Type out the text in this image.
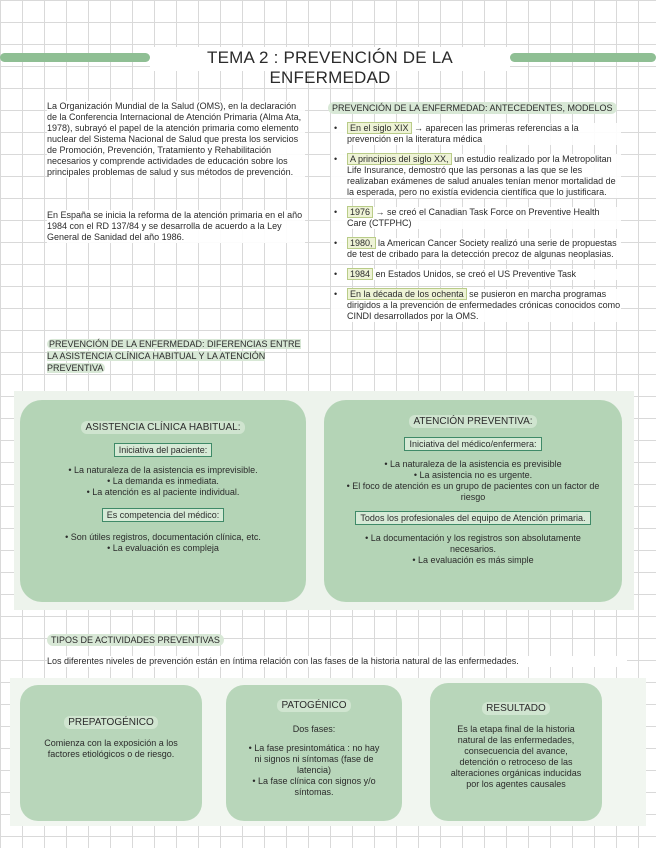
TEMA 2 : PREVENCIÓN DE LA ENFERMEDAD
La Organización Mundial de la Salud (OMS), en la declaración de la Conferencia Internacional de Atención Primaria (Alma Ata, 1978), subrayó el papel de la atención primaria como elemento nuclear del Sistema Nacional de Salud que presta los servicios de Promoción, Prevención, Tratamiento y Rehabilitación necesarios y comprende actividades de educación sobre los principales problemas de salud y sus métodos de prevención.
En España se inicia la reforma de la atención primaria en el año 1984 con el RD 137/84 y se desarrolla de acuerdo a la Ley General de Sanidad del año 1986.
PREVENCIÓN DE LA ENFERMEDAD: ANTECEDENTES, MODELOS
• En el siglo XIX → aparecen las primeras referencias a la prevención en la literatura médica
• A principios del siglo XX, un estudio realizado por la Metropolitan Life Insurance, demostró que las personas a las que se les realizaban exámenes de salud anuales tenían menor mortalidad de la esperada, pero no existía evidencia científica que lo justificara.
• 1976 → se creó el Canadian Task Force on Preventive Health Care (CTFPHC)
• 1980, la American Cancer Society realizó una serie de propuestas de test de cribado para la detección precoz de algunas neoplasias.
• 1984 en Estados Unidos, se creó el US Preventive Task
• En la década de los ochenta se pusieron en marcha programas dirigidos a la prevención de enfermedades crónicas conocidos como CINDI desarrollados por la OMS.
PREVENCIÓN DE LA ENFERMEDAD: DIFERENCIAS ENTRE LA ASISTENCIA CLÍNICA HABITUAL Y LA ATENCIÓN PREVENTIVA
ASISTENCIA CLÍNICA HABITUAL:
Iniciativa del paciente:
• La naturaleza de la asistencia es imprevisible.
• La demanda es inmediata.
• La atención es al paciente individual.
Es competencia del médico:
• Son útiles registros, documentación clínica, etc.
• La evaluación es compleja
ATENCIÓN PREVENTIVA:
Iniciativa del médico/enfermera:
• La naturaleza de la asistencia es previsible
• La asistencia no es urgente.
• El foco de atención es un grupo de pacientes con un factor de riesgo
Todos los profesionales del equipo de Atención primaria.
• La documentación y los registros son absolutamente necesarios.
• La evaluación es más simple
TIPOS DE ACTIVIDADES PREVENTIVAS
Los diferentes niveles de prevención están en íntima relación con las fases de la historia natural de las enfermedades.
PREPATOGÉNICO
Comienza con la exposición a los factores etiológicos o de riesgo.
PATOGÉNICO
Dos fases:
• La fase presintomática : no hay ni signos ni síntomas (fase de latencia)
• La fase clínica con signos y/o síntomas.
RESULTADO
Es la etapa final de la historia natural de las enfermedades, consecuencia del avance, detención o retroceso de las alteraciones orgánicas inducidas por los agentes causales
